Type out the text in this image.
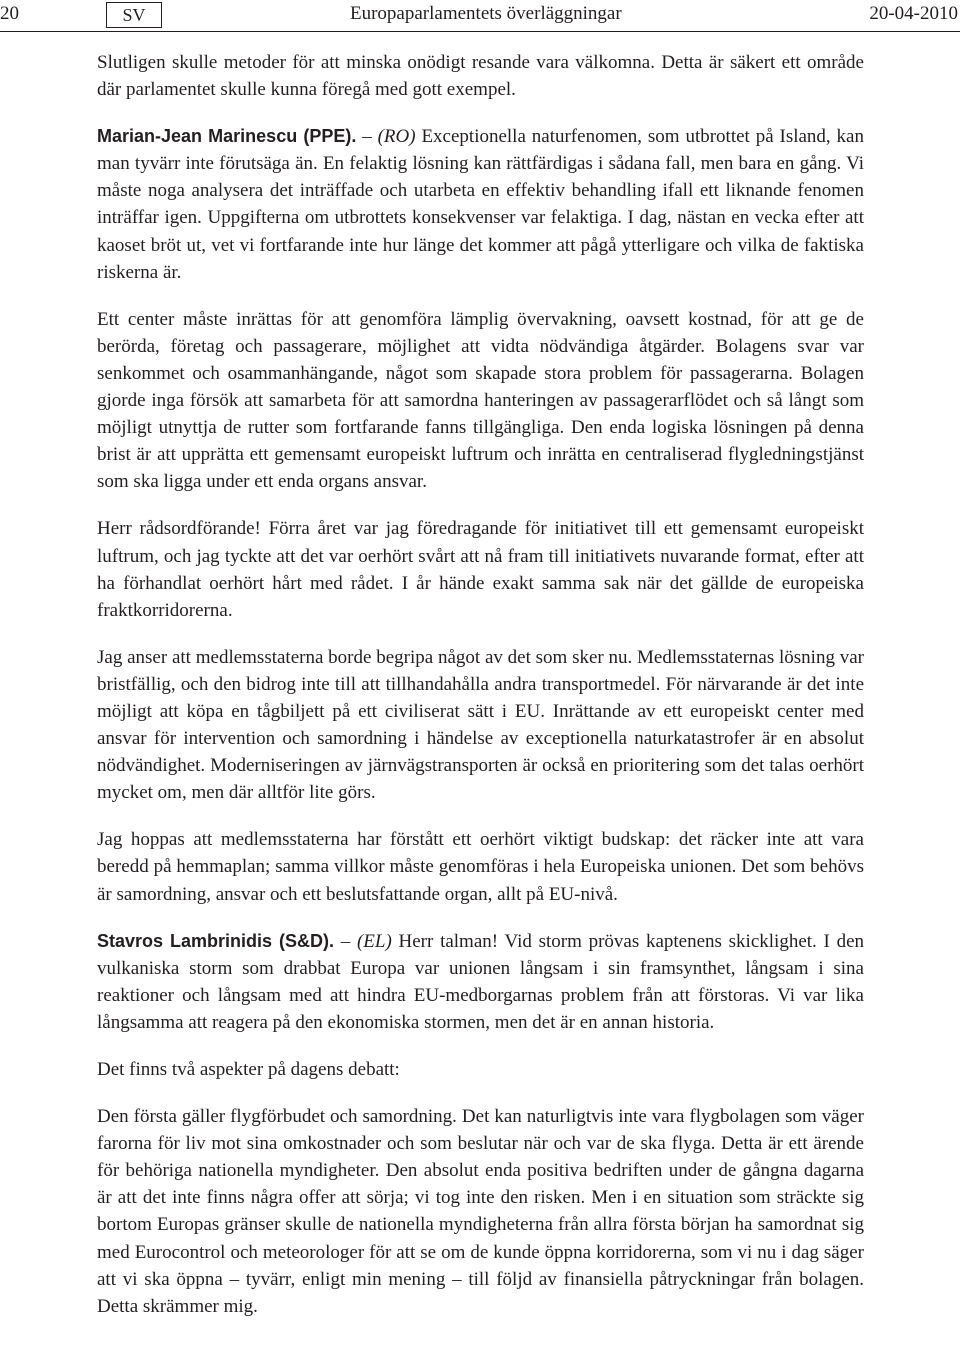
20	SV	Europaparlamentets överläggningar	20-04-2010

Slutligen skulle metoder för att minska onödigt resande vara välkomna. Detta är säkert ett område där parlamentet skulle kunna föregå med gott exempel.

Marian-Jean Marinescu (PPE). – (RO) Exceptionella naturfenomen, som utbrottet på Island, kan man tyvärr inte förutsäga än. En felaktig lösning kan rättfärdigas i sådana fall, men bara en gång. Vi måste noga analysera det inträffade och utarbeta en effektiv behandling ifall ett liknande fenomen inträffar igen. Uppgifterna om utbrottets konsekvenser var felaktiga. I dag, nästan en vecka efter att kaoset bröt ut, vet vi fortfarande inte hur länge det kommer att pågå ytterligare och vilka de faktiska riskerna är.

Ett center måste inrättas för att genomföra lämplig övervakning, oavsett kostnad, för att ge de berörda, företag och passagerare, möjlighet att vidta nödvändiga åtgärder. Bolagens svar var senkommet och osammanhängande, något som skapade stora problem för passagerarna. Bolagen gjorde inga försök att samarbeta för att samordna hanteringen av passagerarflödet och så långt som möjligt utnyttja de rutter som fortfarande fanns tillgängliga. Den enda logiska lösningen på denna brist är att upprätta ett gemensamt europeiskt luftrum och inrätta en centraliserad flygledningstjänst som ska ligga under ett enda organs ansvar.

Herr rådsordförande! Förra året var jag föredragande för initiativet till ett gemensamt europeiskt luftrum, och jag tyckte att det var oerhört svårt att nå fram till initiativets nuvarande format, efter att ha förhandlat oerhört hårt med rådet. I år hände exakt samma sak när det gällde de europeiska fraktkorridorerna.

Jag anser att medlemsstaterna borde begripa något av det som sker nu. Medlemsstaternas lösning var bristfällig, och den bidrog inte till att tillhandahålla andra transportmedel. För närvarande är det inte möjligt att köpa en tågbiljett på ett civiliserat sätt i EU. Inrättande av ett europeiskt center med ansvar för intervention och samordning i händelse av exceptionella naturkatastrofer är en absolut nödvändighet. Moderniseringen av järnvägstransporten är också en prioritering som det talas oerhört mycket om, men där alltför lite görs.

Jag hoppas att medlemsstaterna har förstått ett oerhört viktigt budskap: det räcker inte att vara beredd på hemmaplan; samma villkor måste genomföras i hela Europeiska unionen. Det som behövs är samordning, ansvar och ett beslutsfattande organ, allt på EU-nivå.

Stavros Lambrinidis (S&D). – (EL) Herr talman! Vid storm prövas kaptenens skicklighet. I den vulkaniska storm som drabbat Europa var unionen långsam i sin framsynthet, långsam i sina reaktioner och långsam med att hindra EU-medborgarnas problem från att förstoras. Vi var lika långsamma att reagera på den ekonomiska stormen, men det är en annan historia.

Det finns två aspekter på dagens debatt:

Den första gäller flygförbudet och samordning. Det kan naturligtvis inte vara flygbolagen som väger farorna för liv mot sina omkostnader och som beslutar när och var de ska flyga. Detta är ett ärende för behöriga nationella myndigheter. Den absolut enda positiva bedriften under de gångna dagarna är att det inte finns några offer att sörja; vi tog inte den risken. Men i en situation som sträckte sig bortom Europas gränser skulle de nationella myndigheterna från allra första början ha samordnat sig med Eurocontrol och meteorologer för att se om de kunde öppna korridorerna, som vi nu i dag säger att vi ska öppna – tyvärr, enligt min mening – till följd av finansiella påtryckningar från bolagen. Detta skrämmer mig.
